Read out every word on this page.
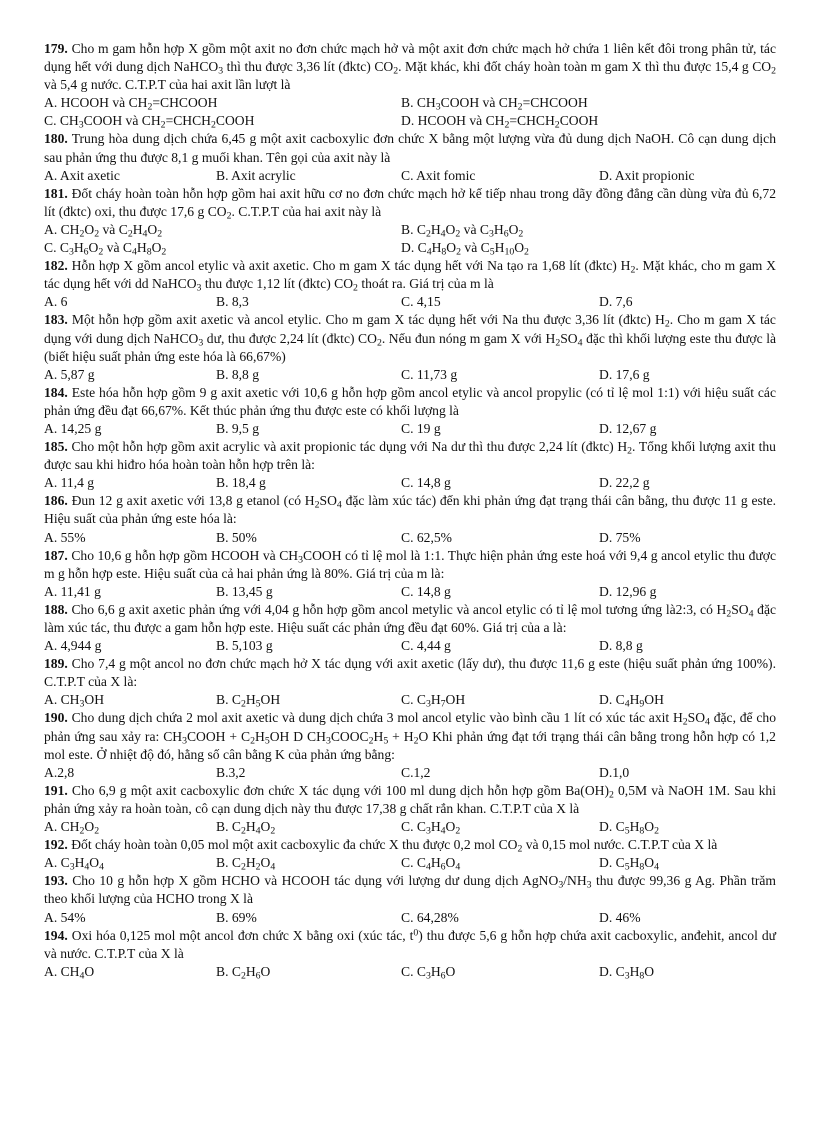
179. Cho m gam hỗn hợp X gồm một axit no đơn chức mạch hở và một axit đơn chức mạch hở chứa 1 liên kết đôi trong phân tử, tác dụng hết với dung dịch NaHCO$_3$ thì thu được 3,36 lít (đktc) $CO_2$. Mặt khác, khi đốt cháy hoàn toàn m gam X thì thu được 15,4 g $CO_2$ và 5,4 g nước. C.T.P.T của hai axit lần lượt là

A. HCOOH và $CH_2=CHCOOH$	B. $CH_3COOH$ và $CH_2=CHCOOH$
C. $CH_3COOH$ và $CH_2=CHCH_2COOH$	D. HCOOH và $CH_2=CHCH_2COOH$

180. Trung hòa dung dịch chứa 6,45 g một axit cacboxylic đơn chức X bằng một lượng vừa đủ dung dịch NaOH. Cô cạn dung dịch sau phản ứng thu được 8,1 g muối khan. Tên gọi của axit này là

A. Axit axetic	B. Axit acrylic	C. Axit fomic	D. Axit propionic

181. Đốt cháy hoàn toàn hỗn hợp gồm hai axit hữu cơ no đơn chức mạch hở kế tiếp nhau trong dãy đồng đẳng cần dùng vừa đủ 6,72 lít (đktc) oxi, thu được 17,6 g $CO_2$. C.T.P.T của hai axit này là

A. $CH_2O_2$ và $C_2H_4O_2$	B. $C_2H_4O_2$ và $C_3H_6O_2$
C. $C_3H_6O_2$ và $C_4H_8O_2$	D. $C_4H_8O_2$ và $C_5H_{10}O_2$

182. Hỗn hợp X gồm ancol etylic và axit axetic. Cho m gam X tác dụng hết với Na tạo ra 1,68 lít (đktc) $H_2$. Mặt khác, cho m gam X tác dụng hết với dd NaHCO$_3$ thu được 1,12 lít (đktc) $CO_2$ thoát ra. Giá trị của m là

A. 6	B. 8,3	C. 4,15	D. 7,6

183. Một hỗn hợp gồm axit axetic và ancol etylic. Cho m gam X tác dụng hết với Na thu được 3,36 lít (đktc) $H_2$. Cho m gam X tác dụng với dung dịch NaHCO$_3$ dư, thu được 2,24 lít (đktc) $CO_2$. Nếu đun nóng m gam X với $H_2SO_4$ đặc thì khối lượng este thu được là (biết hiệu suất phản ứng este hóa là 66,67%)

A. 5,87 g	B. 8,8 g	C. 11,73 g	D. 17,6 g

184. Este hóa hỗn hợp gồm 9 g axit axetic với 10,6 g hỗn hợp gồm ancol etylic và ancol propylic (có tỉ lệ mol 1:1) với hiệu suất các phản ứng đều đạt 66,67%. Kết thúc phản ứng thu được este có khối lượng là

A. 14,25 g	B. 9,5 g	C. 19 g	D. 12,67 g

185. Cho một hỗn hợp gồm axit acrylic và axit propionic tác dụng với Na dư thì thu được 2,24 lít (đktc) $H_2$. Tổng khối lượng axit thu được sau khi hiđro hóa hoàn toàn hỗn hợp trên là:

A. 11,4 g	B. 18,4 g	C. 14,8 g	D. 22,2 g

186. Đun 12 g axit axetic với 13,8 g etanol (có $H_2SO_4$ đặc làm xúc tác) đến khi phản ứng đạt trạng thái cân bằng, thu được 11 g este. Hiệu suất của phản ứng este hóa là:

A. 55%	B. 50%	C. 62,5%	D. 75%

187. Cho 10,6 g hỗn hợp gồm HCOOH và $CH_3COOH$ có tỉ lệ mol là 1:1. Thực hiện phản ứng este hoá với 9,4 g ancol etylic thu được m g hỗn hợp este. Hiệu suất của cả hai phản ứng là 80%. Giá trị của m là:

A. 11,41 g	B. 13,45 g	C. 14,8 g	D. 12,96 g

188. Cho 6,6 g axit axetic phản ứng với 4,04 g hỗn hợp gồm ancol metylic và ancol etylic có tỉ lệ mol tương ứng là2:3, có $H_2SO_4$ đặc làm xúc tác, thu được a gam hỗn hợp este. Hiệu suất các phản ứng đều đạt 60%. Giá trị của a là:

A. 4,944 g	B. 5,103 g	C. 4,44 g	D. 8,8 g

189. Cho 7,4 g một ancol no đơn chức mạch hở X tác dụng với axit axetic (lấy dư), thu được 11,6 g este (hiệu suất phản ứng 100%). C.T.P.T của X là:

A. $CH_3OH$	B. $C_2H_5OH$	C. $C_3H_7OH$	D. $C_4H_9OH$

190. Cho dung dịch chứa 2 mol axit axetic và dung dịch chứa 3 mol ancol etylic vào bình cầu 1 lít có xúc tác axit $H_2SO_4$ đặc, để cho phản ứng sau xảy ra: $CH_3COOH + C_2H_5OH$ D $CH_3COOC_2H_5 + H_2O$ Khi phản ứng đạt tới trạng thái cân bằng trong hỗn hợp có 1,2 mol este. Ở nhiệt độ đó, hằng số cân bằng K của phản ứng bằng:

A.2,8	B.3,2	C.1,2	D.1,0

191. Cho 6,9 g một axit cacboxylic đơn chức X tác dụng với 100 ml dung dịch hỗn hợp gồm $Ba(OH)_2$ 0,5M và NaOH 1M. Sau khi phản ứng xảy ra hoàn toàn, cô cạn dung dịch này thu được 17,38 g chất rắn khan. C.T.P.T của X là

A. $CH_2O_2$	B. $C_2H_4O_2$	C. $C_3H_4O_2$	D. $C_5H_8O_2$

192. Đốt cháy hoàn toàn 0,05 mol một axit cacboxylic đa chức X thu được 0,2 mol $CO_2$ và 0,15 mol nước. C.T.P.T của X là

A. $C_3H_4O_4$	B. $C_2H_2O_4$	C. $C_4H_6O_4$	D. $C_5H_8O_4$

193. Cho 10 g hỗn hợp X gồm HCHO và HCOOH tác dụng với lượng dư dung dịch $AgNO_3/NH_3$ thu được 99,36 g Ag. Phần trăm theo khối lượng của HCHO trong X là

A. 54%	B. 69%	C. 64,28%	D. 46%

194. Oxi hóa 0,125 mol một ancol đơn chức X bằng oxi (xúc tác, $t^0$) thu được 5,6 g hỗn hợp chứa axit cacboxylic, anđehit, ancol dư và nước. C.T.P.T của X là

A. $CH_4O$	B. $C_2H_6O$	C. $C_3H_6O$	D. $C_3H_8O$
